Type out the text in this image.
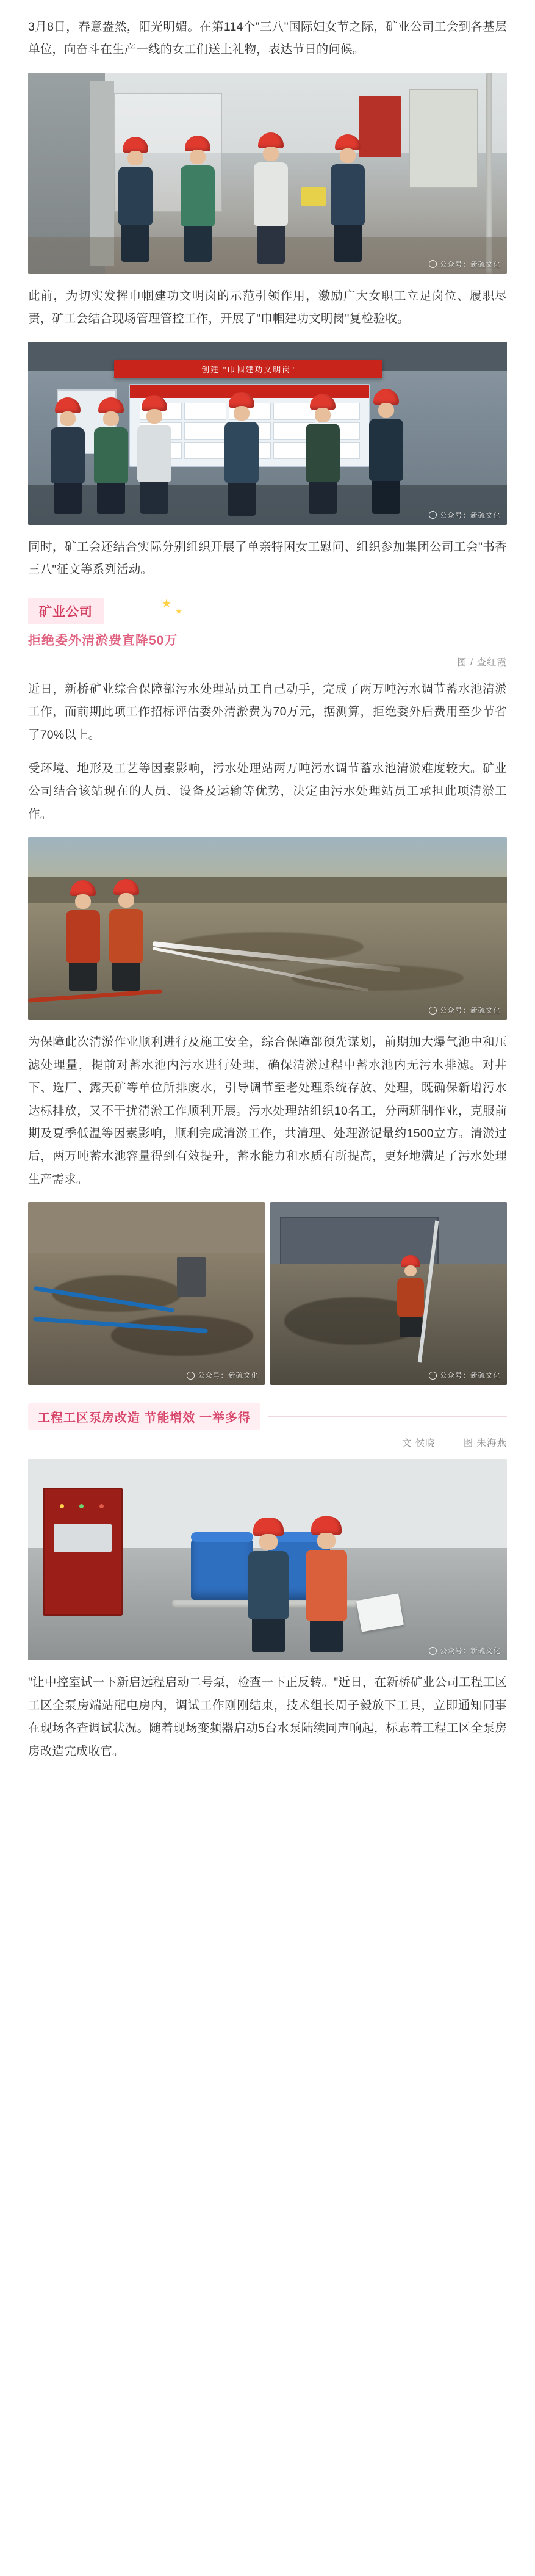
3月8日，春意盎然，阳光明媚。在第114个"三八"国际妇女节之际，矿业公司工会到各基层单位，向奋斗在生产一线的女工们送上礼物，表达节日的问候。

公众号：新硫文化

此前，为切实发挥巾帼建功文明岗的示范引领作用，激励广大女职工立足岗位、履职尽责，矿工会结合现场管理管控工作，开展了"巾帼建功文明岗"复检验收。

创建 "巾帼建功文明岗"
公众号：新硫文化

同时，矿工会还结合实际分别组织开展了单亲特困女工慰问、组织参加集团公司工会"书香三八"征文等系列活动。

矿业公司
拒绝委外清淤费直降50万
图 / 查红霞

近日，新桥矿业综合保障部污水处理站员工自己动手，完成了两万吨污水调节蓄水池清淤工作，而前期此项工作招标评估委外清淤费为70万元，据测算，拒绝委外后费用至少节省了70%以上。

受环境、地形及工艺等因素影响，污水处理站两万吨污水调节蓄水池清淤难度较大。矿业公司结合该站现在的人员、设备及运输等优势，决定由污水处理站员工承担此项清淤工作。

公众号：新硫文化

为保障此次清淤作业顺利进行及施工安全，综合保障部预先谋划，前期加大爆气池中和压滤处理量，提前对蓄水池内污水进行处理，确保清淤过程中蓄水池内无污水排滤。对井下、选厂、露天矿等单位所排废水，引导调节至老处理系统存放、处理，既确保新增污水达标排放，又不干扰清淤工作顺利开展。污水处理站组织10名工，分两班制作业，克服前期及夏季低温等因素影响，顺利完成清淤工作，共清理、处理淤泥量约1500立方。清淤过后，两万吨蓄水池容量得到有效提升，蓄水能力和水质有所提高，更好地满足了污水处理生产需求。

公众号：新硫文化	公众号：新硫文化
工程工区泵房改造 节能增效 一举多得
文 侯晓	图 朱海燕
公众号：新硫文化

"让中控室试一下新启远程启动二号泵，检查一下正反转。"近日，在新桥矿业公司工程工区工区全泵房端站配电房内，调试工作刚刚结束，技术组长周子毅放下工具，立即通知同事在现场各查调试状况。随着现场变频器启动5台水泵陆续同声响起，标志着工程工区全泵房房改造完成收官。
